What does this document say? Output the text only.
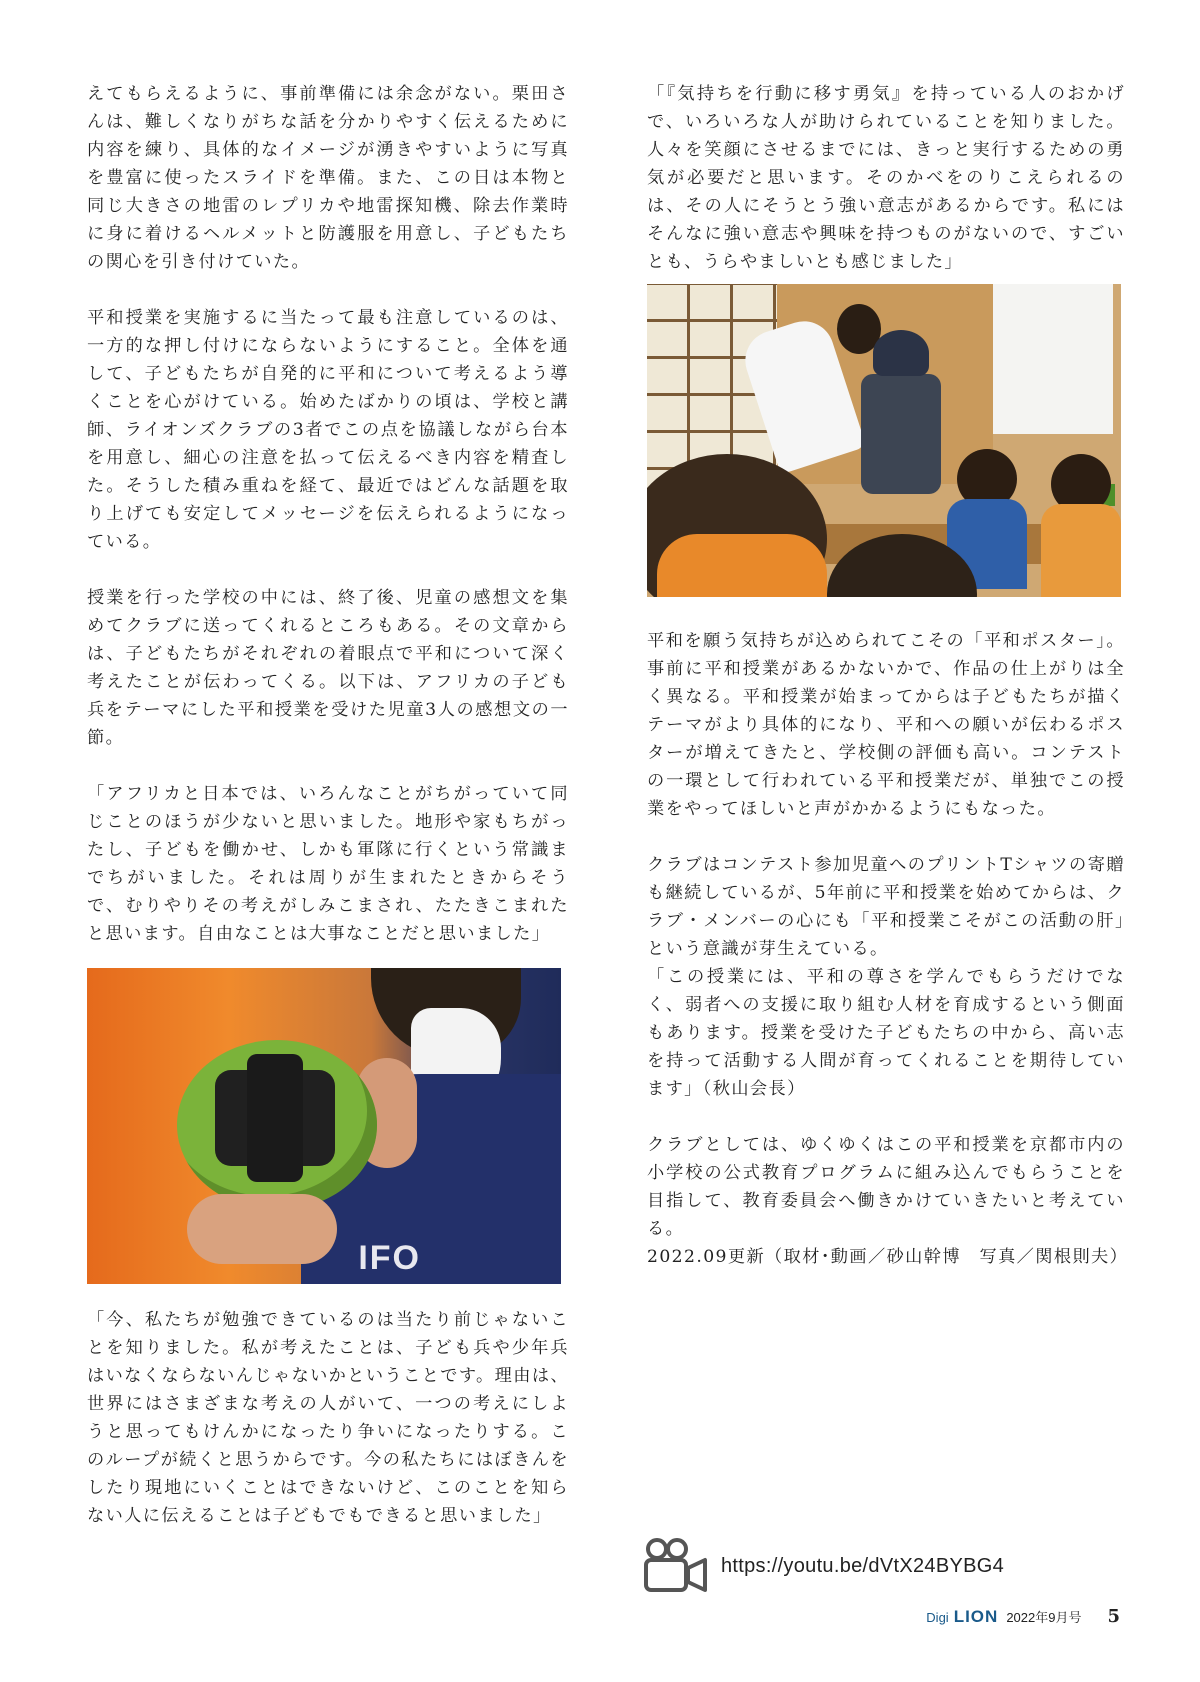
えてもらえるように、事前準備には余念がない。栗田さんは、難しくなりがちな話を分かりやすく伝えるために内容を練り、具体的なイメージが湧きやすいように写真を豊富に使ったスライドを準備。また、この日は本物と同じ大きさの地雷のレプリカや地雷探知機、除去作業時に身に着けるヘルメットと防護服を用意し、子どもたちの関心を引き付けていた。

平和授業を実施するに当たって最も注意しているのは、一方的な押し付けにならないようにすること。全体を通して、子どもたちが自発的に平和について考えるよう導くことを心がけている。始めたばかりの頃は、学校と講師、ライオンズクラブの3者でこの点を協議しながら台本を用意し、細心の注意を払って伝えるべき内容を精査した。そうした積み重ねを経て、最近ではどんな話題を取り上げても安定してメッセージを伝えられるようになっている。

授業を行った学校の中には、終了後、児童の感想文を集めてクラブに送ってくれるところもある。その文章からは、子どもたちがそれぞれの着眼点で平和について深く考えたことが伝わってくる。以下は、アフリカの子ども兵をテーマにした平和授業を受けた児童3人の感想文の一節。

「アフリカと日本では、いろんなことがちがっていて同じことのほうが少ないと思いました。地形や家もちがったし、子どもを働かせ、しかも軍隊に行くという常識までちがいました。それは周りが生まれたときからそうで、むりやりその考えがしみこまされ、たたきこまれたと思います。自由なことは大事なことだと思いました」

IFO

「今、私たちが勉強できているのは当たり前じゃないことを知りました。私が考えたことは、子ども兵や少年兵はいなくならないんじゃないかということです。理由は、世界にはさまざまな考えの人がいて、一つの考えにしようと思ってもけんかになったり争いになったりする。このループが続くと思うからです。今の私たちにはぼきんをしたり現地にいくことはできないけど、このことを知らない人に伝えることは子どもでもできると思いました」

「『気持ちを行動に移す勇気』を持っている人のおかげで、いろいろな人が助けられていることを知りました。人々を笑顔にさせるまでには、きっと実行するための勇気が必要だと思います。そのかべをのりこえられるのは、その人にそうとう強い意志があるからです。私にはそんなに強い意志や興味を持つものがないので、すごいとも、うらやましいとも感じました」

平和を願う気持ちが込められてこその「平和ポスター」。事前に平和授業があるかないかで、作品の仕上がりは全く異なる。平和授業が始まってからは子どもたちが描くテーマがより具体的になり、平和への願いが伝わるポスターが増えてきたと、学校側の評価も高い。コンテストの一環として行われている平和授業だが、単独でこの授業をやってほしいと声がかかるようにもなった。

クラブはコンテスト参加児童へのプリントTシャツの寄贈も継続しているが、5年前に平和授業を始めてからは、クラブ・メンバーの心にも「平和授業こそがこの活動の肝」という意識が芽生えている。

「この授業には、平和の尊さを学んでもらうだけでなく、弱者への支援に取り組む人材を育成するという側面もあります。授業を受けた子どもたちの中から、高い志を持って活動する人間が育ってくれることを期待しています」（秋山会長）

クラブとしては、ゆくゆくはこの平和授業を京都市内の小学校の公式教育プログラムに組み込んでもらうことを目指して、教育委員会へ働きかけていきたいと考えている。

2022.09更新（取材･動画／砂山幹博　写真／関根則夫）

https://youtu.be/dVtX24BYBG4
Digi LION 2022年9月号 5
